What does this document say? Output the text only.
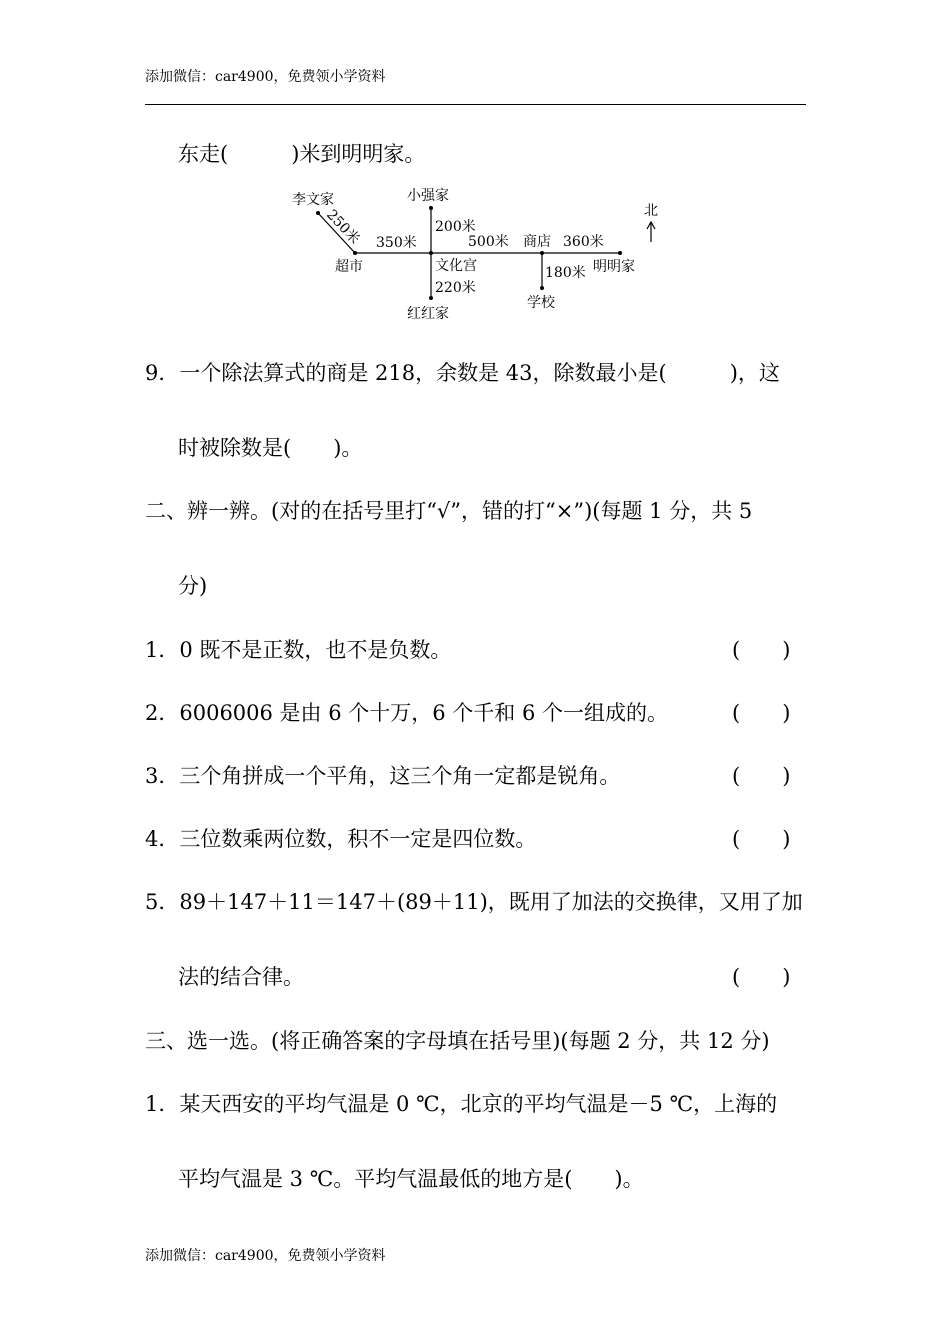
添加微信：car4900，免费领小学资料
东走(　　　)米到明明家。
李文家	小强家
超市	文化宫
红红家
商店
明明家
学校
250米 350米
200米
500米	360米
220米
180米
北
9．一个除法算式的商是 218，余数是 43，除数最小是(　　　)，这
时被除数是(　　)。
二、辨一辨。(对的在括号里打“√”，错的打“×”)(每题 1 分，共 5
分)
1．0 既不是正数，也不是负数。	(　　)
2．6006006 是由 6 个十万，6 个千和 6 个一组成的。	(　　)
3．三个角拼成一个平角，这三个角一定都是锐角。	(　　)
4．三位数乘两位数，积不一定是四位数。	(　　)
5．89＋147＋11＝147＋(89＋11)，既用了加法的交换律，又用了加
法的结合律。	(　　)
三、选一选。(将正确答案的字母填在括号里)(每题 2 分，共 12 分)
1．某天西安的平均气温是 0 ℃，北京的平均气温是－5 ℃，上海的
平均气温是 3 ℃。平均气温最低的地方是(　　)。
添加微信：car4900，免费领小学资料
